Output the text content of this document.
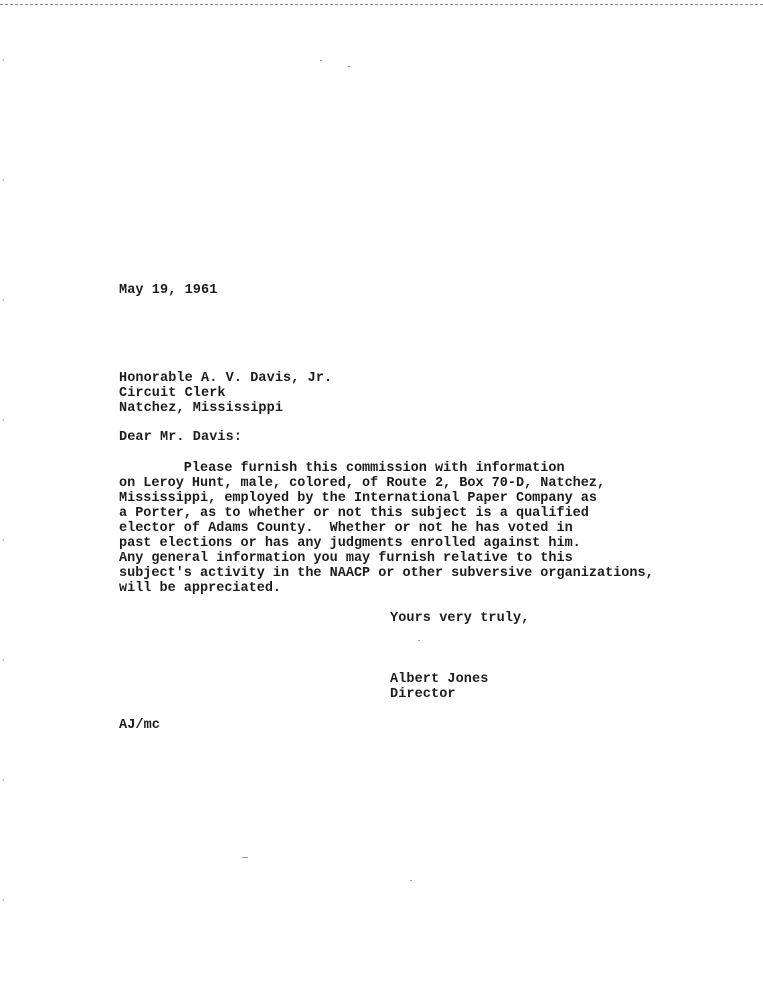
May 19, 1961
Honorable A. V. Davis, Jr.
Circuit Clerk
Natchez, Mississippi
Dear Mr. Davis:
Please furnish this commission with information
on Leroy Hunt, male, colored, of Route 2, Box 70-D, Natchez,
Mississippi, employed by the International Paper Company as
a Porter, as to whether or not this subject is a qualified
elector of Adams County.  Whether or not he has voted in
past elections or has any judgments enrolled against him.
Any general information you may furnish relative to this
subject's activity in the NAACP or other subversive organizations,
will be appreciated.
Yours very truly,
Albert Jones
Director
AJ/mc
